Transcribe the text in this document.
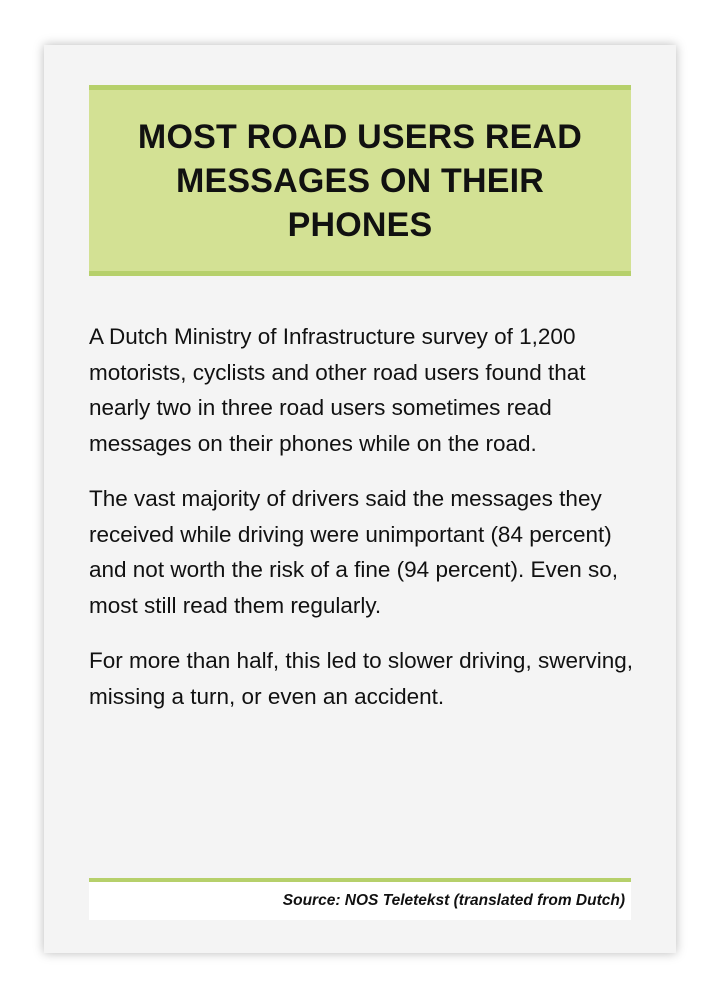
MOST ROAD USERS READ MESSAGES ON THEIR PHONES

A Dutch Ministry of Infrastructure survey of 1,200 motorists, cyclists and other road users found that nearly two in three road users sometimes read messages on their phones while on the road.

The vast majority of drivers said the messages they received while driving were unimportant (84 percent) and not worth the risk of a fine (94 percent). Even so, most still read them regularly.

For more than half, this led to slower driving, swerving, missing a turn, or even an accident.

Source: NOS Teletekst (translated from Dutch)
